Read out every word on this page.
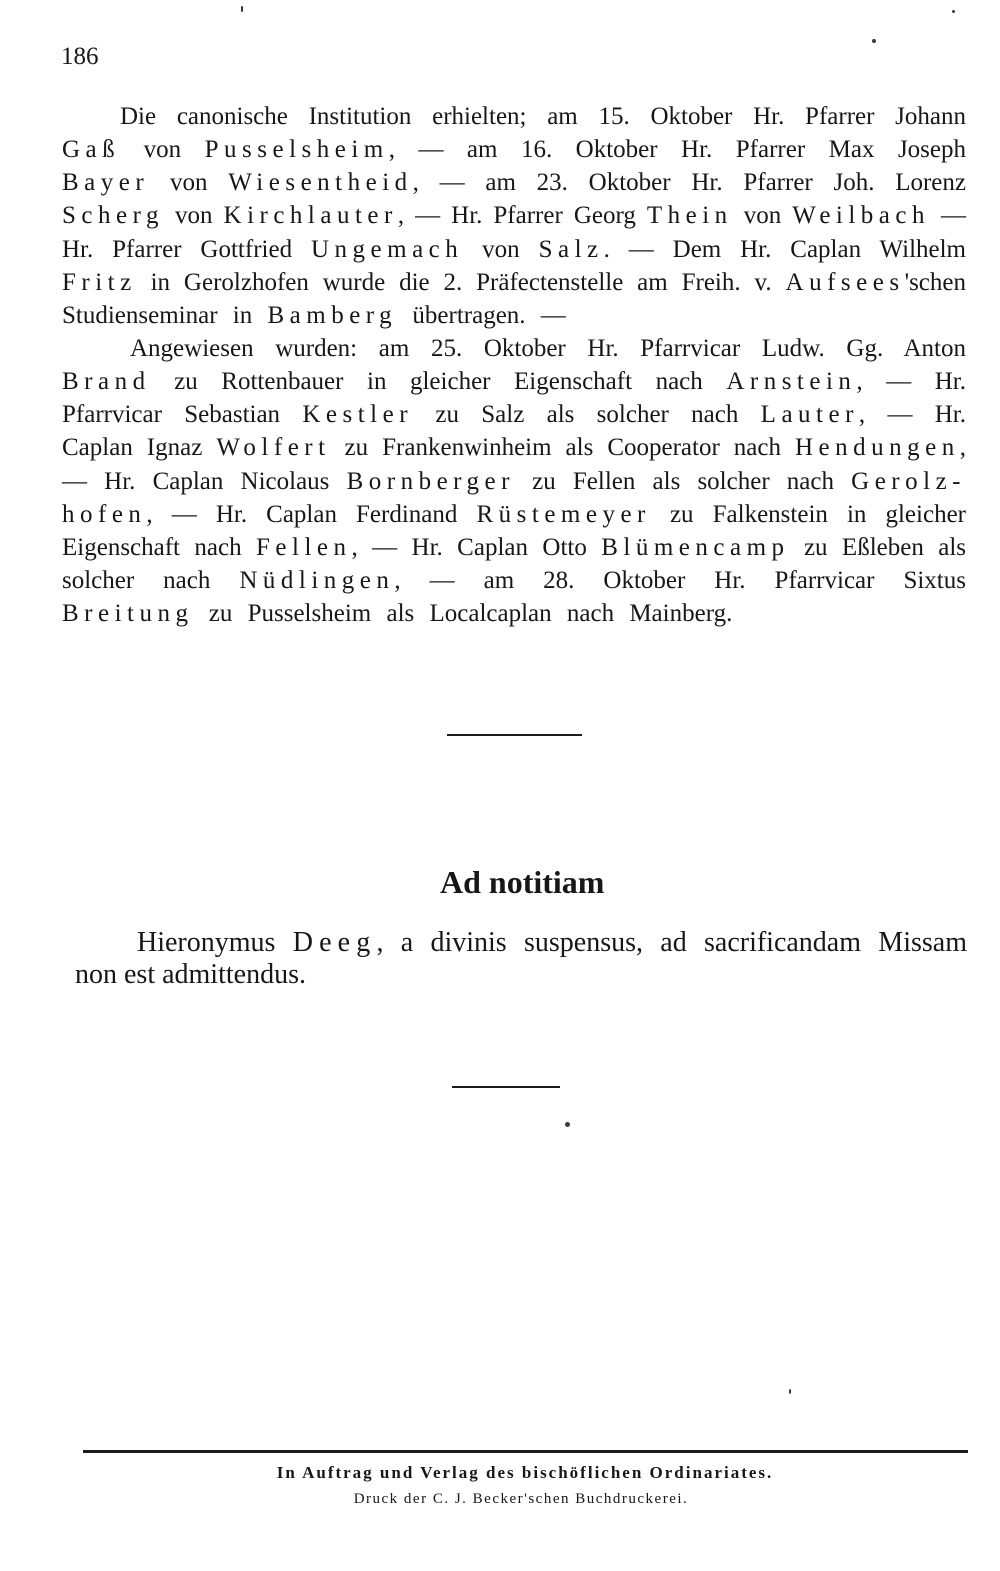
186
Die canonische Institution erhielten; am 15. Oktober Hr. Pfarrer Johann
Gaß von Pusselsheim, — am 16. Oktober Hr. Pfarrer Max Joseph
Bayer von Wiesentheid, — am 23. Oktober Hr. Pfarrer Joh. Lorenz
Scherg von Kirchlauter, — Hr. Pfarrer Georg Thein von Weilbach —
Hr. Pfarrer Gottfried Ungemach von Salz. — Dem Hr. Caplan Wilhelm
Fritz in Gerolzhofen wurde die 2. Präfectenstelle am Freih. v. Aufsees'schen
Studienseminar in Bamberg übertragen. —
Angewiesen wurden: am 25. Oktober Hr. Pfarrvicar Ludw. Gg. Anton
Brand zu Rottenbauer in gleicher Eigenschaft nach Arnstein, — Hr.
Pfarrvicar Sebastian Kestler zu Salz als solcher nach Lauter, — Hr.
Caplan Ignaz Wolfert zu Frankenwinheim als Cooperator nach Hendungen,
— Hr. Caplan Nicolaus Bornberger zu Fellen als solcher nach Gerolz-
hofen, — Hr. Caplan Ferdinand Rüstemeyer zu Falkenstein in gleicher
Eigenschaft nach Fellen, — Hr. Caplan Otto Blümencamp zu Eßleben als
solcher nach Nüdlingen, — am 28. Oktober Hr. Pfarrvicar Sixtus
Breitung zu Pusselsheim als Localcaplan nach Mainberg.
Ad notitiam
Hieronymus Deeg, a divinis suspensus, ad sacrificandam Missam
non est admittendus.
In Auftrag und Verlag des bischöflichen Ordinariates.
Druck der C. J. Becker'schen Buchdruckerei.
